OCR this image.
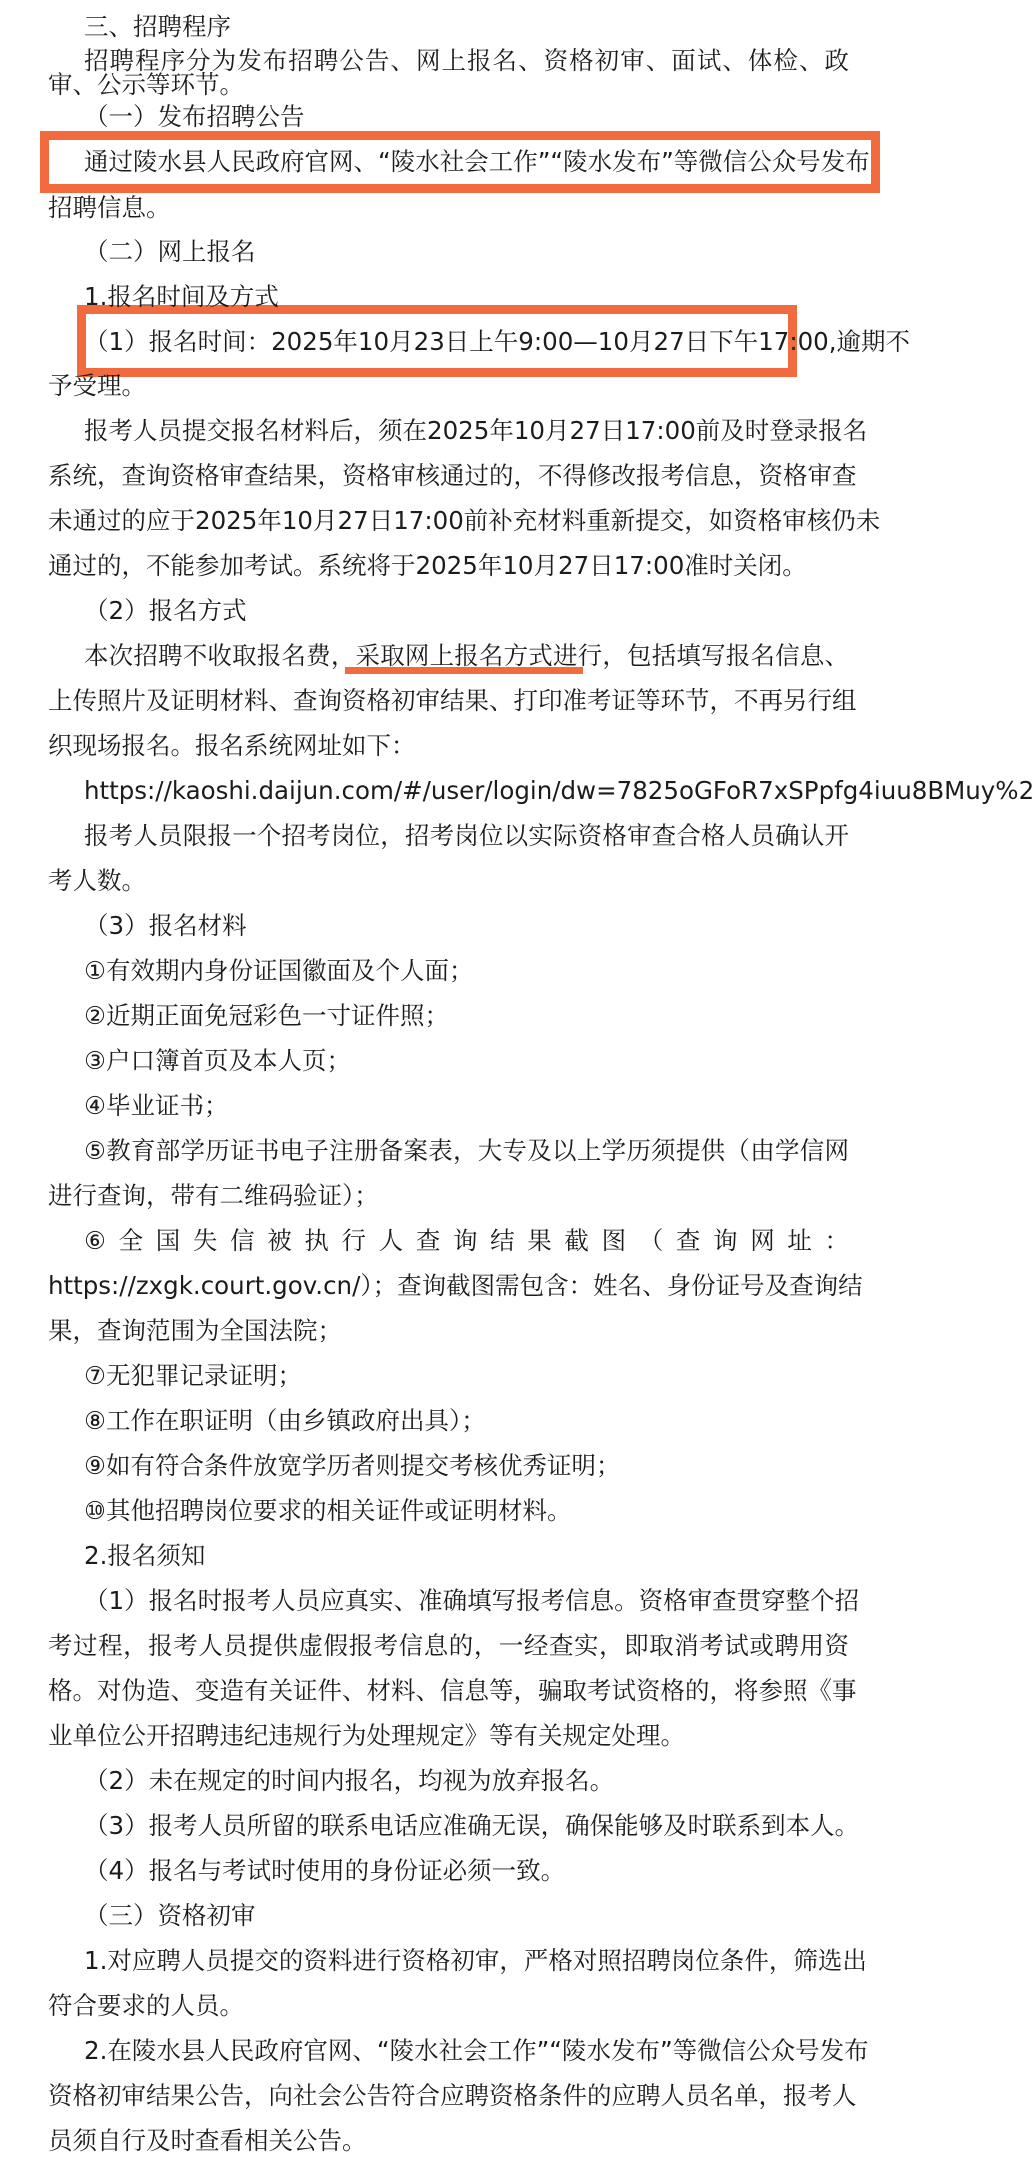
三、招聘程序
招聘程序分为发布招聘公告、网上报名、资格初审、面试、体检、政
审、公示等环节。
（一）发布招聘公告
通过陵水县人民政府官网、“陵水社会工作”“陵水发布”等微信公众号发布
招聘信息。
（二）网上报名
1.报名时间及方式
（1）报名时间：2025年10月23日上午9:00—10月27日下午17:00,逾期不
予受理。
报考人员提交报名材料后，须在2025年10月27日17:00前及时登录报名
系统，查询资格审查结果，资格审核通过的，不得修改报考信息，资格审查
未通过的应于2025年10月27日17:00前补充材料重新提交，如资格审核仍未
通过的，不能参加考试。系统将于2025年10月27日17:00准时关闭。
（2）报名方式
本次招聘不收取报名费，采取网上报名方式进行，包括填写报名信息、
上传照片及证明材料、查询资格初审结果、打印准考证等环节，不再另行组
织现场报名。报名系统网址如下：
https://kaoshi.daijun.com/#/user/login/dw=7825oGFoR7xSPpfg4iuu8BMuy%2
报考人员限报一个招考岗位，招考岗位以实际资格审查合格人员确认开
考人数。
（3）报名材料
①有效期内身份证国徽面及个人面；
②近期正面免冠彩色一寸证件照；
③户口簿首页及本人页；
④毕业证书；
⑤教育部学历证书电子注册备案表，大专及以上学历须提供（由学信网
进行查询，带有二维码验证）；
⑥全国失信被执行人查询结果截图（查询网址：
https://zxgk.court.gov.cn/）；查询截图需包含：姓名、身份证号及查询结
果，查询范围为全国法院；
⑦无犯罪记录证明；
⑧工作在职证明（由乡镇政府出具）；
⑨如有符合条件放宽学历者则提交考核优秀证明；
⑩其他招聘岗位要求的相关证件或证明材料。
2.报名须知
（1）报名时报考人员应真实、准确填写报考信息。资格审查贯穿整个招
考过程，报考人员提供虚假报考信息的，一经查实，即取消考试或聘用资
格。对伪造、变造有关证件、材料、信息等，骗取考试资格的，将参照《事
业单位公开招聘违纪违规行为处理规定》等有关规定处理。
（2）未在规定的时间内报名，均视为放弃报名。
（3）报考人员所留的联系电话应准确无误，确保能够及时联系到本人。
（4）报名与考试时使用的身份证必须一致。
（三）资格初审
1.对应聘人员提交的资料进行资格初审，严格对照招聘岗位条件，筛选出
符合要求的人员。
2.在陵水县人民政府官网、“陵水社会工作”“陵水发布”等微信公众号发布
资格初审结果公告，向社会公告符合应聘资格条件的应聘人员名单，报考人
员须自行及时查看相关公告。
